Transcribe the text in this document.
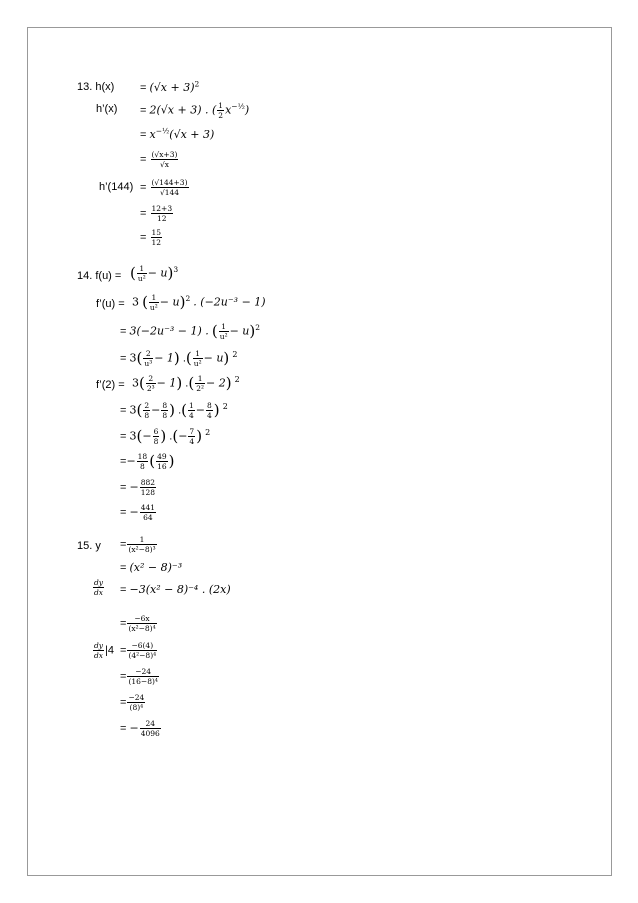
13. h(x)
h’(x)
h’(144)
= $(√x + 3)^2$
= 2(√x + 3) . ( $\frac{1}{2} x^{-\frac{1}{2}}$)
= $x^{-\frac{1}{2}}(√x + 3)$
= $\frac{(√x+3)}{√x}$
= $\frac{(√144+3)}{√144}$
= $\frac{12+3}{12}$
= $\frac{15}{12}$
14. f(u) = ( $\frac{1}{\text{u²}} - u)^3$
f’(u) = 3 ( $\frac{1}{\text{u²}} - u)^2$ . (−2u⁻³ − 1)
= 3(−2u⁻³ − 1) . ( $\frac{1}{\text{u²}} - u)^2$
= $3( \frac{2}{\text{u³}} - 1)$ .( $\frac{1}{\text{u²}} - u$) $^2$
f’(2) = $3( \frac{2}{\text{2³}} - 1)$ .( $\frac{1}{\text{2²}} - 2$) $^2$
= $3( \frac{2}{8} - \frac{8}{8}$ ) .( $\frac{1}{4} - \frac{8}{4}$ ) $^2$
= $3(- \frac{6}{8}$ ) .(− $\frac{7}{4}$ ) $^2$
=− $\frac{18}{8}$ ( $\frac{49}{16}$ )
= − $\frac{882}{128}$
= − $\frac{441}{64}$
15. $y = \frac{1}{\text{(x²−8)³}}$
= (x² − 8)⁻³
$\frac{dy}{dx} = -3(x^2 - 8)^{-4}$ . (2x)
= $\frac{-6x}{\text{(x²−8)⁴}}$
$\frac{dy}{dx} |4 = \frac{-6(4)}{\text{(4²−8)⁴}}$
= $\frac{-24}{\text{(16−8)⁴}}$
= $\frac{-24}{\text{(8)⁴}}$
= − $\frac{24}{4096}$
